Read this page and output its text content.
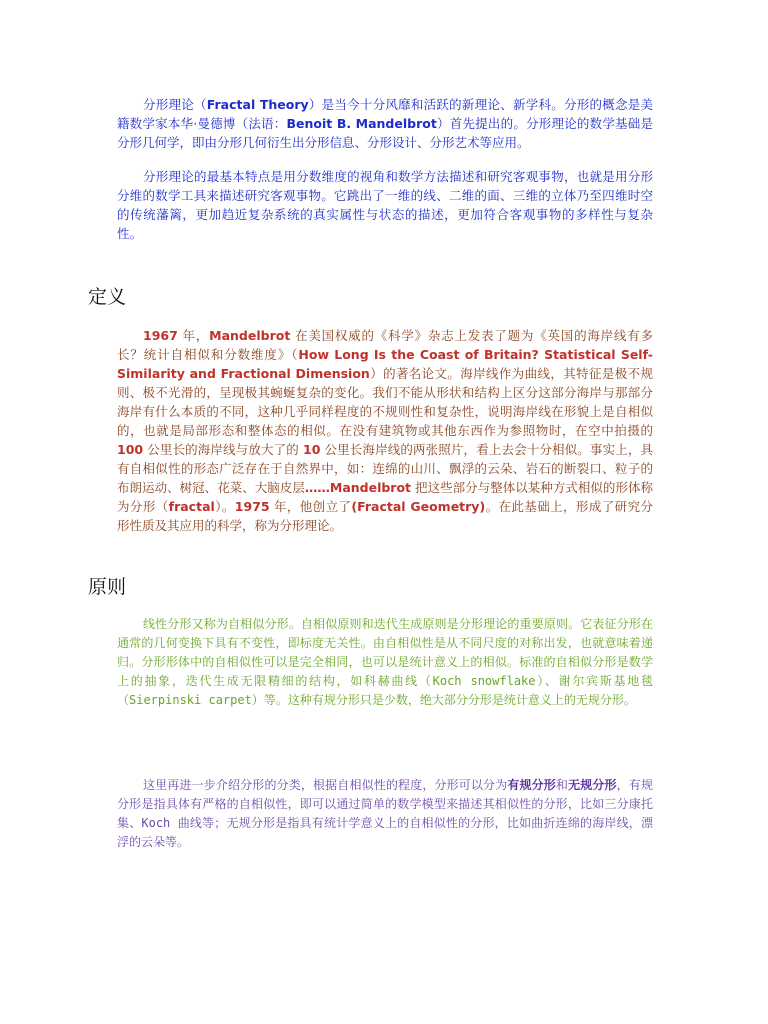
分形理论（Fractal Theory）是当今十分风靡和活跃的新理论、新学科。分形的概念是美籍数学家本华·曼德博（法语：Benoit B. Mandelbrot）首先提出的。分形理论的数学基础是分形几何学，即由分形几何衍生出分形信息、分形设计、分形艺术等应用。

分形理论的最基本特点是用分数维度的视角和数学方法描述和研究客观事物，也就是用分形分维的数学工具来描述研究客观事物。它跳出了一维的线、二维的面、三维的立体乃至四维时空的传统藩篱，更加趋近复杂系统的真实属性与状态的描述，更加符合客观事物的多样性与复杂性。

定义

1967 年，Mandelbrot 在美国权威的《科学》杂志上发表了题为《英国的海岸线有多长？统计自相似和分数维度》（How Long Is the Coast of Britain? Statistical Self-Similarity and Fractional Dimension）的著名论文。海岸线作为曲线，其特征是极不规则、极不光滑的，呈现极其蜿蜒复杂的变化。我们不能从形状和结构上区分这部分海岸与那部分海岸有什么本质的不同，这种几乎同样程度的不规则性和复杂性，说明海岸线在形貌上是自相似的，也就是局部形态和整体态的相似。在没有建筑物或其他东西作为参照物时，在空中拍摄的 100 公里长的海岸线与放大了的 10 公里长海岸线的两张照片，看上去会十分相似。事实上，具有自相似性的形态广泛存在于自然界中，如：连绵的山川、飘浮的云朵、岩石的断裂口、粒子的布朗运动、树冠、花菜、大脑皮层……Mandelbrot 把这些部分与整体以某种方式相似的形体称为分形（fractal）。1975 年，他创立了(Fractal Geometry)。在此基础上，形成了研究分形性质及其应用的科学，称为分形理论。

原则

线性分形又称为自相似分形。自相似原则和迭代生成原则是分形理论的重要原则。它表征分形在通常的几何变换下具有不变性，即标度无关性。由自相似性是从不同尺度的对称出发，也就意味着递归。分形形体中的自相似性可以是完全相同，也可以是统计意义上的相似。标准的自相似分形是数学上的抽象，迭代生成无限精细的结构，如科赫曲线（Koch snowflake）、谢尔宾斯基地毯（Sierpinski carpet）等。这种有规分形只是少数，绝大部分分形是统计意义上的无规分形。

这里再进一步介绍分形的分类，根据自相似性的程度，分形可以分为有规分形和无规分形，有规分形是指具体有严格的自相似性，即可以通过简单的数学模型来描述其相似性的分形，比如三分康托集、Koch 曲线等；无规分形是指具有统计学意义上的自相似性的分形，比如曲折连绵的海岸线，漂浮的云朵等。
